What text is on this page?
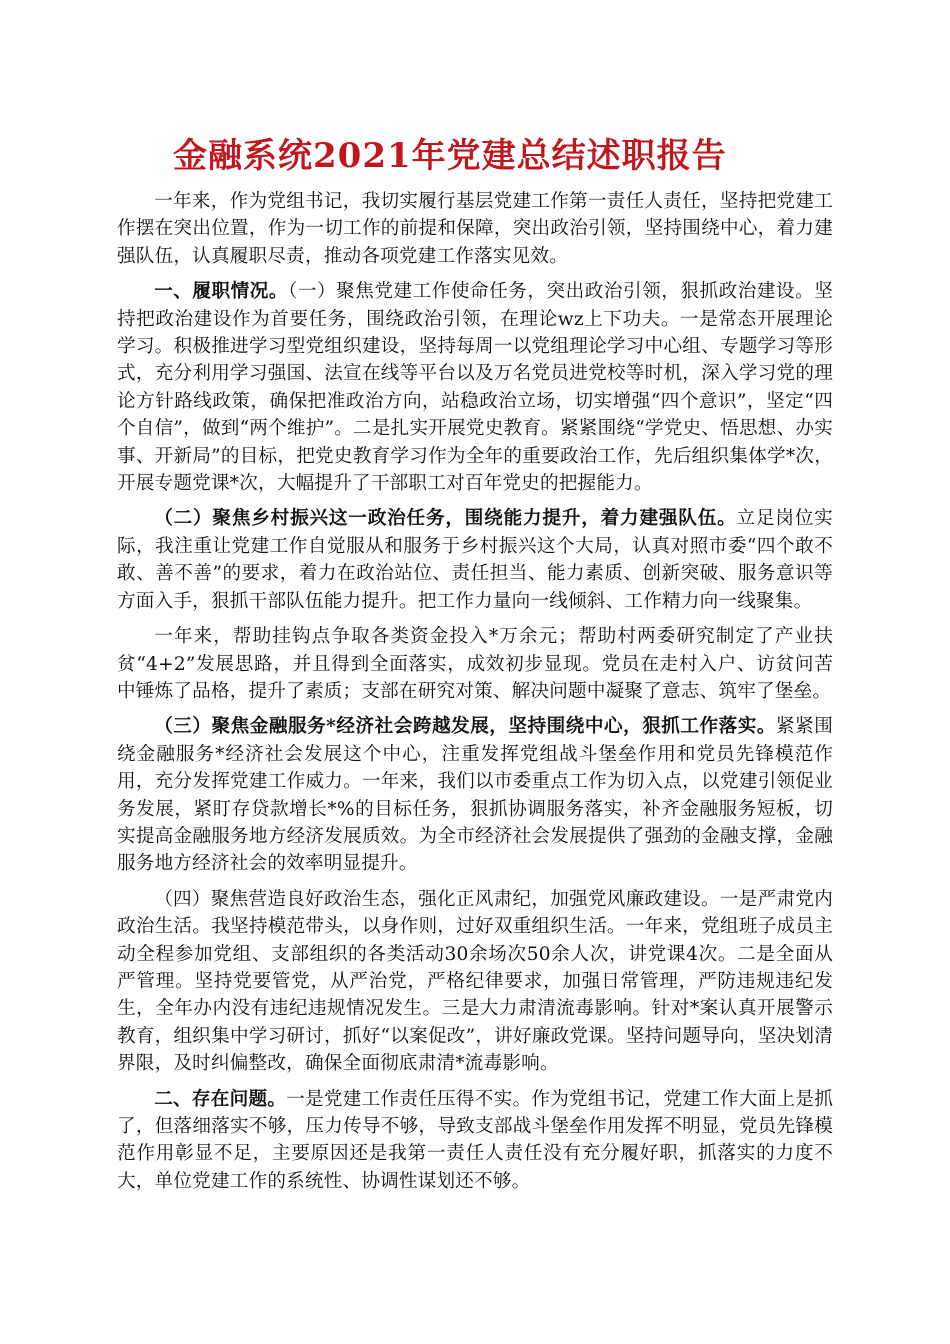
金融系统2021年党建总结述职报告

一年来，作为党组书记，我切实履行基层党建工作第一责任人责任，坚持把党建工作摆在突出位置，作为一切工作的前提和保障，突出政治引领，坚持围绕中心，着力建强队伍，认真履职尽责，推动各项党建工作落实见效。

一、履职情况。（一）聚焦党建工作使命任务，突出政治引领，狠抓政治建设。坚持把政治建设作为首要任务，围绕政治引领，在理论wz上下功夫。一是常态开展理论学习。积极推进学习型党组织建设，坚持每周一以党组理论学习中心组、专题学习等形式，充分利用学习强国、法宣在线等平台以及万名党员进党校等时机，深入学习党的理论方针路线政策，确保把准政治方向，站稳政治立场，切实增强“四个意识”，坚定“四个自信”，做到“两个维护”。二是扎实开展党史教育。紧紧围绕“学党史、悟思想、办实事、开新局”的目标，把党史教育学习作为全年的重要政治工作，先后组织集体学*次，开展专题党课*次，大幅提升了干部职工对百年党史的把握能力。

（二）聚焦乡村振兴这一政治任务，围绕能力提升，着力建强队伍。立足岗位实际，我注重让党建工作自觉服从和服务于乡村振兴这个大局，认真对照市委“四个敢不敢、善不善”的要求，着力在政治站位、责任担当、能力素质、创新突破、服务意识等方面入手，狠抓干部队伍能力提升。把工作力量向一线倾斜、工作精力向一线聚集。

一年来，帮助挂钩点争取各类资金投入*万余元；帮助村两委研究制定了产业扶贫“4+2”发展思路，并且得到全面落实，成效初步显现。党员在走村入户、访贫问苦中锤炼了品格，提升了素质；支部在研究对策、解决问题中凝聚了意志、筑牢了堡垒。

（三）聚焦金融服务*经济社会跨越发展，坚持围绕中心，狠抓工作落实。紧紧围绕金融服务*经济社会发展这个中心，注重发挥党组战斗堡垒作用和党员先锋模范作用，充分发挥党建工作威力。一年来，我们以市委重点工作为切入点，以党建引领促业务发展，紧盯存贷款增长*%的目标任务，狠抓协调服务落实，补齐金融服务短板，切实提高金融服务地方经济发展质效。为全市经济社会发展提供了强劲的金融支撑，金融服务地方经济社会的效率明显提升。

（四）聚焦营造良好政治生态，强化正风肃纪，加强党风廉政建设。一是严肃党内政治生活。我坚持模范带头，以身作则，过好双重组织生活。一年来，党组班子成员主动全程参加党组、支部组织的各类活动30余场次50余人次，讲党课4次。二是全面从严管理。坚持党要管党，从严治党，严格纪律要求，加强日常管理，严防违规违纪发生，全年办内没有违纪违规情况发生。三是大力肃清流毒影响。针对*案认真开展警示教育，组织集中学习研讨，抓好“以案促改”，讲好廉政党课。坚持问题导向，坚决划清界限，及时纠偏整改，确保全面彻底肃清*流毒影响。

二、存在问题。一是党建工作责任压得不实。作为党组书记，党建工作大面上是抓了，但落细落实不够，压力传导不够，导致支部战斗堡垒作用发挥不明显，党员先锋模范作用彰显不足，主要原因还是我第一责任人责任没有充分履好职，抓落实的力度不大，单位党建工作的系统性、协调性谋划还不够。
